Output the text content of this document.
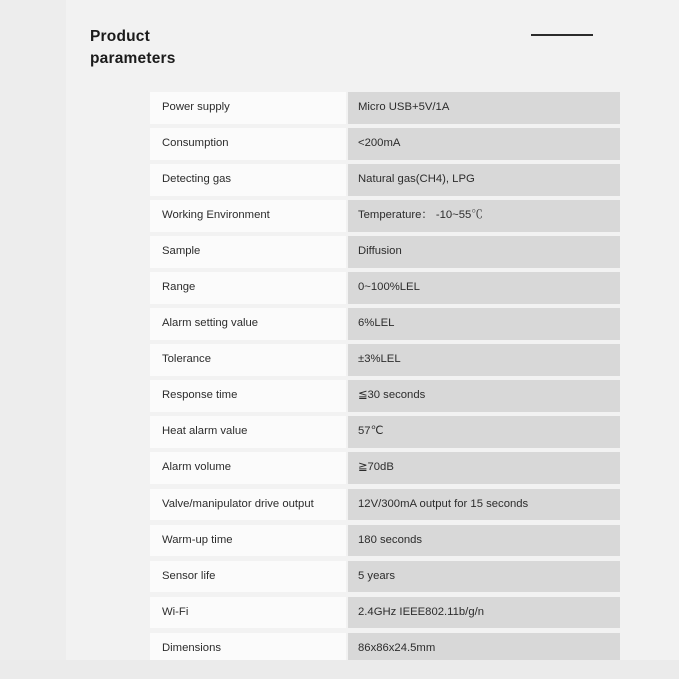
Product
parameters
Power supply	Micro USB+5V/1A
Consumption	<200mA
Detecting gas	Natural gas(CH4), LPG
Working Environment	Temperature： -10~55℃
Sample	Diffusion
Range	0~100%LEL
Alarm setting value	6%LEL
Tolerance	±3%LEL
Response time	≦30 seconds
Heat alarm value	57℃
Alarm volume	≧70dB
Valve/manipulator drive output	12V/300mA output for 15 seconds
Warm-up time	180 seconds
Sensor life	5 years
Wi-Fi	2.4GHz IEEE802.11b/g/n
Dimensions	86x86x24.5mm
